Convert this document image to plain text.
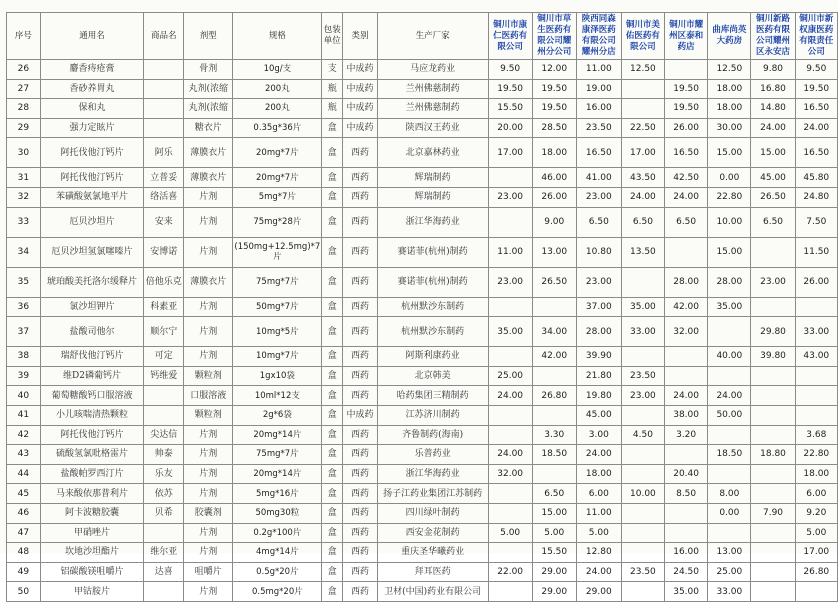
序号	通用名	商品名	剂型	规格	包装单位	类别	生产厂家	铜川市康仁医药有限公司	铜川市草生医药有限公司耀州分公司	陕西同森康泽医药有限公司耀州分店	铜川市美佑医药有限公司	铜川市耀州区泰和药店	曲库尚英大药房	铜川新路医药有限公司耀州区永安店	铜川市新权康医药有限责任公司
26	麝香痔疮膏		骨剂	10g/支	支	中成药	马应龙药业	9.50	12.00	11.00	12.50		12.50	9.80	9.50
27	香砂养胃丸		丸剂(浓缩	200丸	瓶	中成药	兰州佛慈制药	19.50	19.50	19.00		19.50	18.00	16.80	19.50
28	保和丸		丸剂(浓缩	200丸	瓶	中成药	兰州佛慈制药	15.50	19.50	16.00		19.50	18.00	14.80	16.50
29	强力定眩片		糖衣片	0.35g*36片	盒	中成药	陕西汉王药业	20.00	28.50	23.50	22.50	26.00	30.00	24.00	24.00
30	阿托伐他汀钙片	阿乐	薄膜衣片	20mg*7片	盒	西药	北京嘉林药业	17.00	18.00	16.50	17.00	16.50	15.00	15.00	16.50
31	阿托伐他汀钙片	立普妥	薄膜衣片	20mg*7片	盒	西药	辉瑞制药		46.00	41.00	43.50	42.50	0.00	45.00	45.80
32	苯磺酸氨氯地平片	络活喜	片剂	5mg*7片	盒	西药	辉瑞制药	23.00	26.00	23.00	24.00	24.00	22.80	26.50	24.80
33	厄贝沙坦片	安来	片剂	75mg*28片	盒	西药	浙江华海药业		9.00	6.50	6.50	6.50	10.00	6.50	7.50
34	厄贝沙坦氢氯噻嗪片	安博诺	片剂	(150mg+12.5mg)*7片	盒	西药	赛诺菲(杭州)制药	11.00	13.00	10.80	13.50		15.00		11.50
35	琥珀酸美托洛尔缓释片	倍他乐克	薄膜衣片	75mg*7片	盒	西药	赛诺菲(杭州)制药	23.00	26.50	23.00		28.00	28.00	23.00	26.00
36	氯沙坦钾片	科素亚	片剂	50mg*7片	盒	西药	杭州默沙东制药			37.00	35.00	42.00	35.00		
37	盐酸司他尔	顺尔宁	片剂	10mg*5片	盒	西药	杭州默沙东制药	35.00	34.00	28.00	33.00	32.00		29.80	33.00
38	瑞舒伐他汀钙片	可定	片剂	10mg*7片	盒	西药	阿斯利康药业		42.00	39.90			40.00	39.80	43.00
39	维D2磷葡钙片	钙维爱	颗粒剂	1gx10袋	盒	西药	北京韩美	25.00		21.80	23.50				
40	葡萄糖酸钙口服溶液		口服溶液	10ml*12支	盒	西药	哈药集团三精制药	24.00	26.80	19.80	23.00	24.00	24.00		
41	小儿咳喘清热颗粒		颗粒剂	2g*6袋	盒	中成药	江苏济川制药			45.00		38.00	50.00		
42	阿托伐他汀钙片	尖达信	片剂	20mg*14片	盒	西药	齐鲁制药(海南)		3.30	3.00	4.50	3.20			3.68
43	硫酸氢氯吡格雷片	帅泰	片剂	75mg*7片	盒	西药	乐普药业	24.00	18.50	24.00			18.50	18.80	22.80
44	盐酸帕罗西汀片	乐友	片剂	20mg*14片	盒	西药	浙江华海药业	32.00		18.00		20.40			18.00
45	马来酸依那普利片	依苏	片剂	5mg*16片	盒	西药	扬子江药业集团江苏制药		6.50	6.00	10.00	8.50	8.00		6.00
46	阿卡波糖胶囊	贝希	胶囊剂	50mg30粒	盒	西药	四川绿叶制药		15.00	11.00			0.00	7.90	9.20
47	甲硝唑片		片剂	0.2g*100片	盒	西药	西安金花制药	5.00	5.00	5.00					5.00
48	坎地沙坦酯片	维尔亚	片剂	4mg*14片	盒	西药	重庆圣华曦药业		15.50	12.80		16.00	13.00		17.00
49	铝碳酸镁咀嚼片	达喜	咀嚼片	0.5g*20片	盒	西药	拜耳医药	22.00	29.00	24.00	23.50	24.50	25.00		26.80
50	甲钴胺片		片剂	0.5mg*20片	盒	西药	卫材(中国)药业有限公司		29.00	29.00		35.00	33.00		
